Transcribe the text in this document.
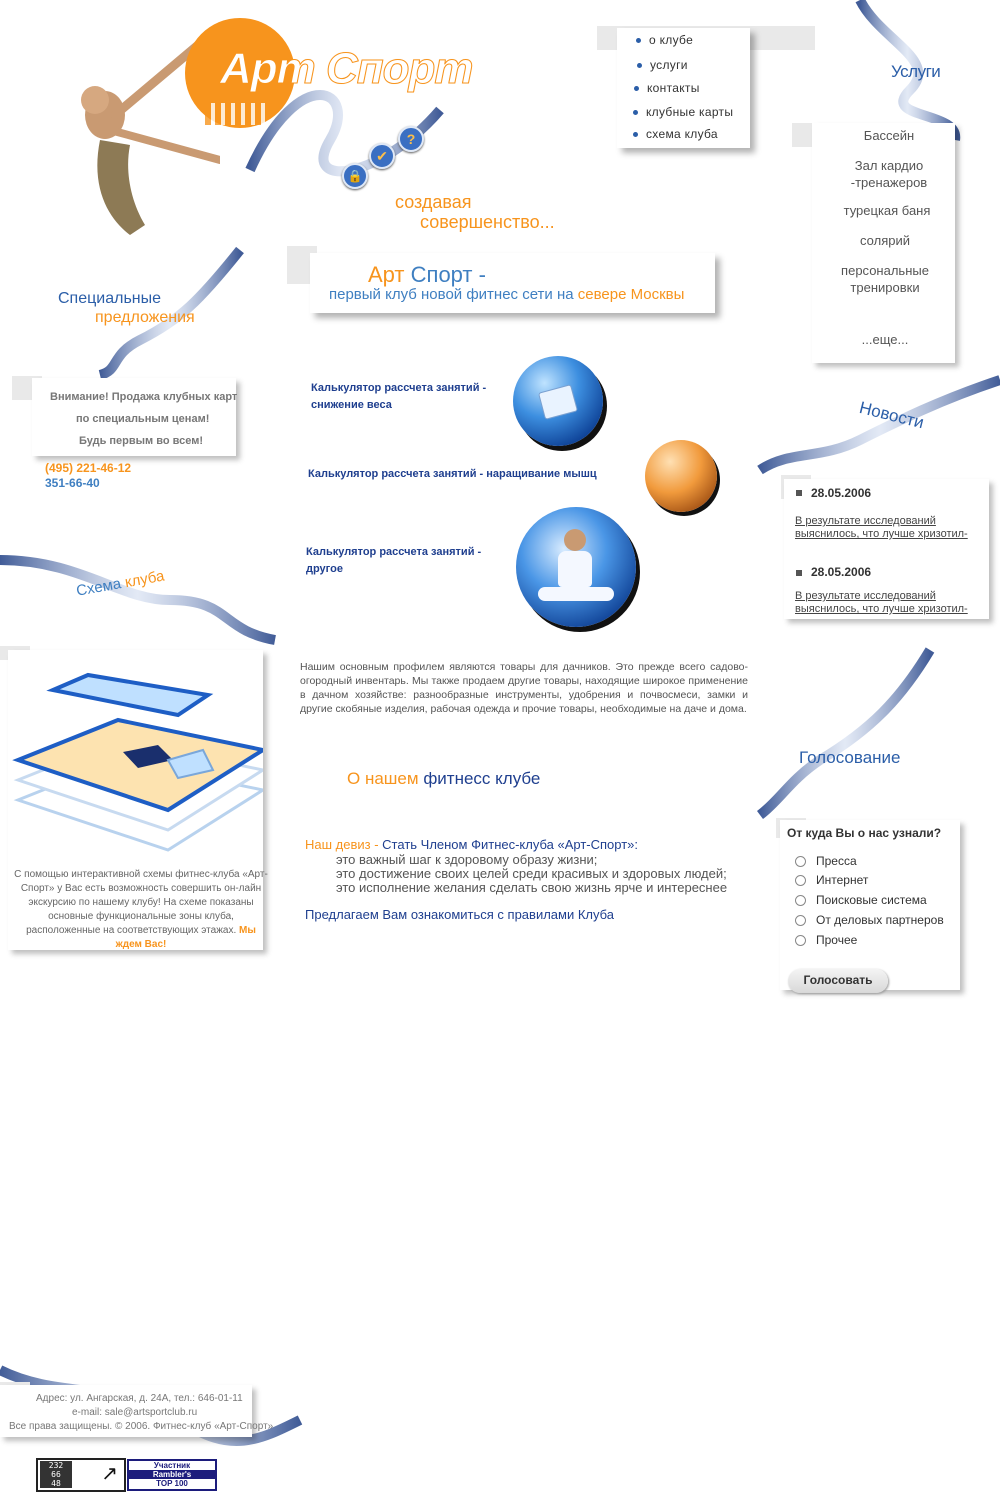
Арт Спорт
🔒
✔
?
создавая
совершенство...
о клубе
услуги
контакты
клубные карты
схема клуба
Услуги
Бассейн
Зал кардио
-тренажеров
турецкая баня
солярий
персональные
тренировки
...еще...
Специальные
предложения
Внимание! Продажа клубных карт
по специальным ценам!
Будь первым во всем!
(495) 221-46-12
351-66-40
Арт Спорт -
первый клуб новой фитнес сети на севере Москвы
Калькулятор рассчета занятий - снижение веса
Калькулятор рассчета занятий - наращивание мышц
Калькулятор рассчета занятий - другое
Нашим основным профилем являются товары для дачников. Это прежде всего садово-огородный инвентарь. Мы также продаем другие товары, находящие широкое применение в дачном хозяйстве: разнообразные инструменты, удобрения и почвосмеси, замки и другие скобяные изделия, рабочая одежда и прочие товары, необходимые на даче и дома.
О нашем фитнесс клубе
Наш девиз - Стать Членом Фитнес-клуба «Арт-Спорт»:
это важный шаг к здоровому образу жизни;
это достижение своих целей среди красивых и здоровых людей;
это исполнение желания сделать свою жизнь ярче и интереснее
Предлагаем Вам ознакомиться с правилами Клуба
Новости
28.05.2006
В результате исследований выяснилось, что лучше хризотил-
28.05.2006
В результате исследований выяснилось, что лучше хризотил-
Схема клуба
С помощью интерактивной схемы фитнес-клуба «Арт-Спорт» у Вас есть возможность совершить он-лайн экскурсию по нашему клубу! На схеме показаны основные функциональные зоны клуба, расположенные на соответствующих этажах. Мы ждем Вас!
Голосование
От куда Вы о нас узнали?
Пресса
Интернет
Поисковые система
От деловых партнеров
Прочее
Голосовать
Адрес: ул. Ангарская, д. 24А, тел.: 646-01-11
e-mail: sale@artsportclub.ru
Все права защищены. © 2006. Фитнес-клуб «Арт-Спорт»
232
66
48	↗	Участник
Rambler's
TOP 100
